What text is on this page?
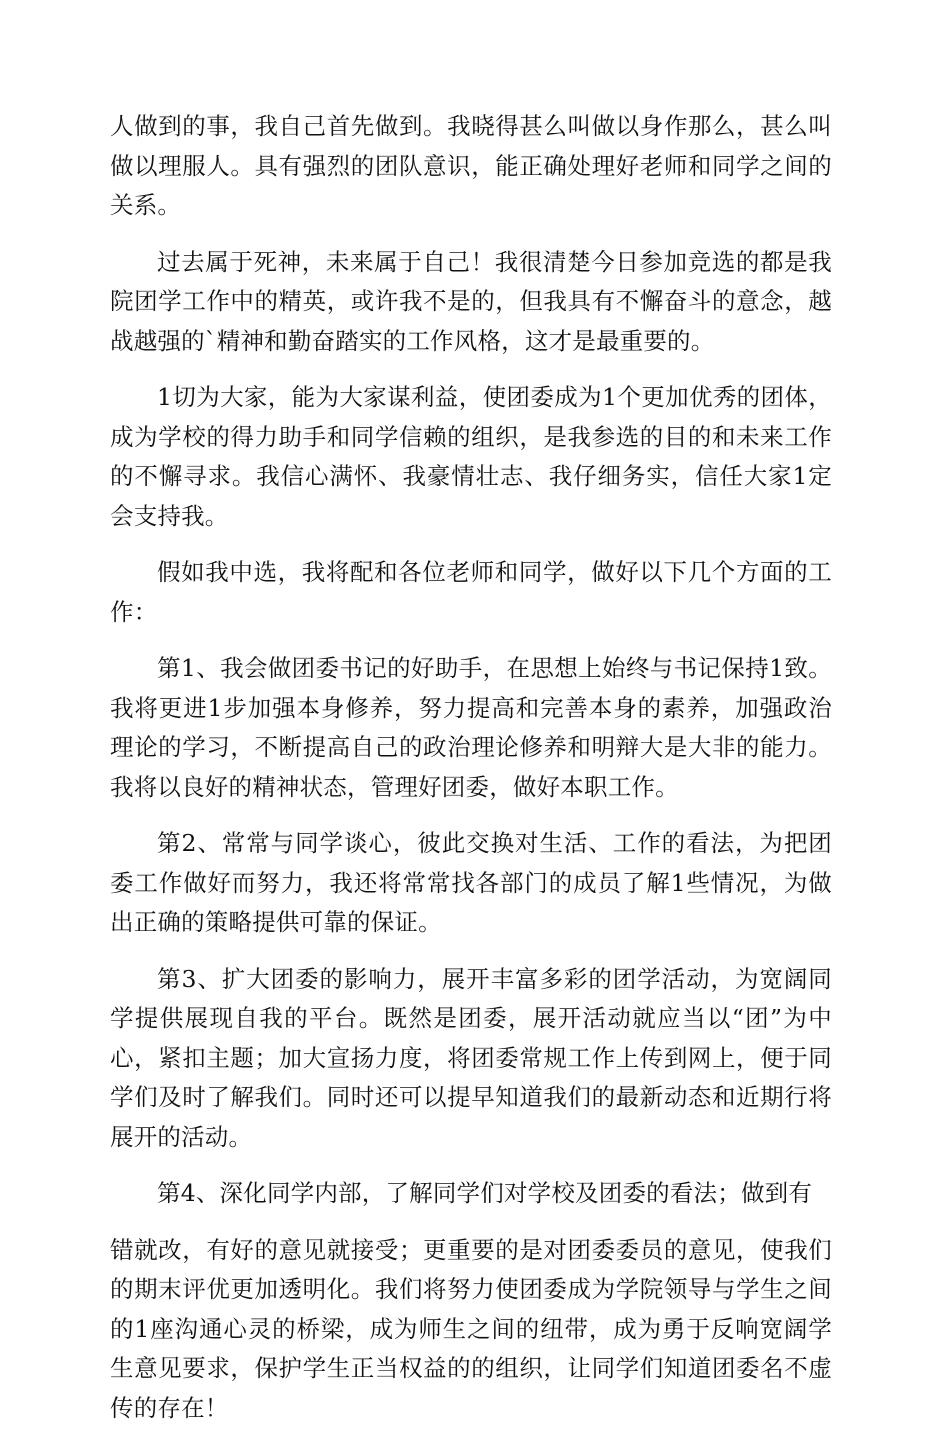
人做到的事，我自己首先做到。我晓得甚么叫做以身作那么，甚么叫做以理服人。具有强烈的团队意识，能正确处理好老师和同学之间的关系。

过去属于死神，未来属于自己！我很清楚今日参加竞选的都是我院团学工作中的精英，或许我不是的，但我具有不懈奋斗的意念，越战越强的`精神和勤奋踏实的工作风格，这才是最重要的。

1切为大家，能为大家谋利益，使团委成为1个更加优秀的团体，成为学校的得力助手和同学信赖的组织，是我参选的目的和未来工作的不懈寻求。我信心满怀、我豪情壮志、我仔细务实，信任大家1定会支持我。

假如我中选，我将配和各位老师和同学，做好以下几个方面的工作：

第1、我会做团委书记的好助手，在思想上始终与书记保持1致。我将更进1步加强本身修养，努力提高和完善本身的素养，加强政治理论的学习，不断提高自己的政治理论修养和明辩大是大非的能力。我将以良好的精神状态，管理好团委，做好本职工作。

第2、常常与同学谈心，彼此交换对生活、工作的看法，为把团委工作做好而努力，我还将常常找各部门的成员了解1些情况，为做出正确的策略提供可靠的保证。

第3、扩大团委的影响力，展开丰富多彩的团学活动，为宽阔同学提供展现自我的平台。既然是团委，展开活动就应当以“团”为中心，紧扣主题；加大宣扬力度，将团委常规工作上传到网上，便于同学们及时了解我们。同时还可以提早知道我们的最新动态和近期行将展开的活动。

第4、深化同学内部，了解同学们对学校及团委的看法；做到有

错就改，有好的意见就接受；更重要的是对团委委员的意见，使我们的期末评优更加透明化。我们将努力使团委成为学院领导与学生之间的1座沟通心灵的桥梁，成为师生之间的纽带，成为勇于反响宽阔学生意见要求，保护学生正当权益的的组织，让同学们知道团委名不虚传的存在！
